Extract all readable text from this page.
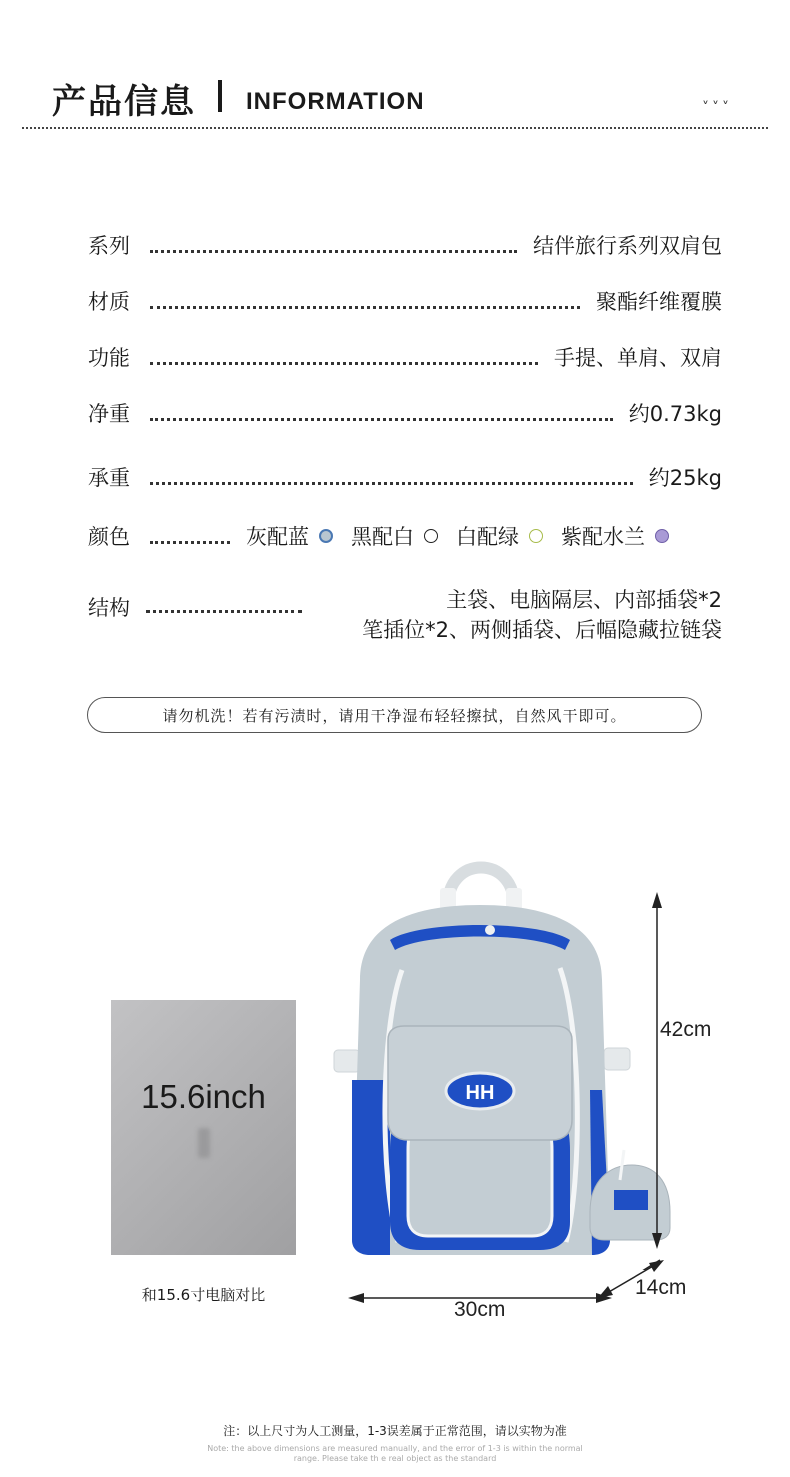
产品信息 INFORMATION	˅˅˅
系列	结伴旅行系列双肩包
材质	聚酯纤维覆膜
功能	手提、单肩、双肩
净重	约0.73kg
承重	约25kg
颜色	灰配蓝 黑配白 白配绿 紫配水兰
结构	主袋、电脑隔层、内部插袋*2
笔插位*2、两侧插袋、后幅隐藏拉链袋
请勿机洗！若有污渍时，请用干净湿布轻轻擦拭，自然风干即可。
15.6inch
和15.6寸电脑对比
HH
42cm
30cm
14cm
注：以上尺寸为人工测量，1-3误差属于正常范围，请以实物为准
Note: the above dimensions are measured manually, and the error of 1-3 is within the normal range. Please take th e real object as the standard
